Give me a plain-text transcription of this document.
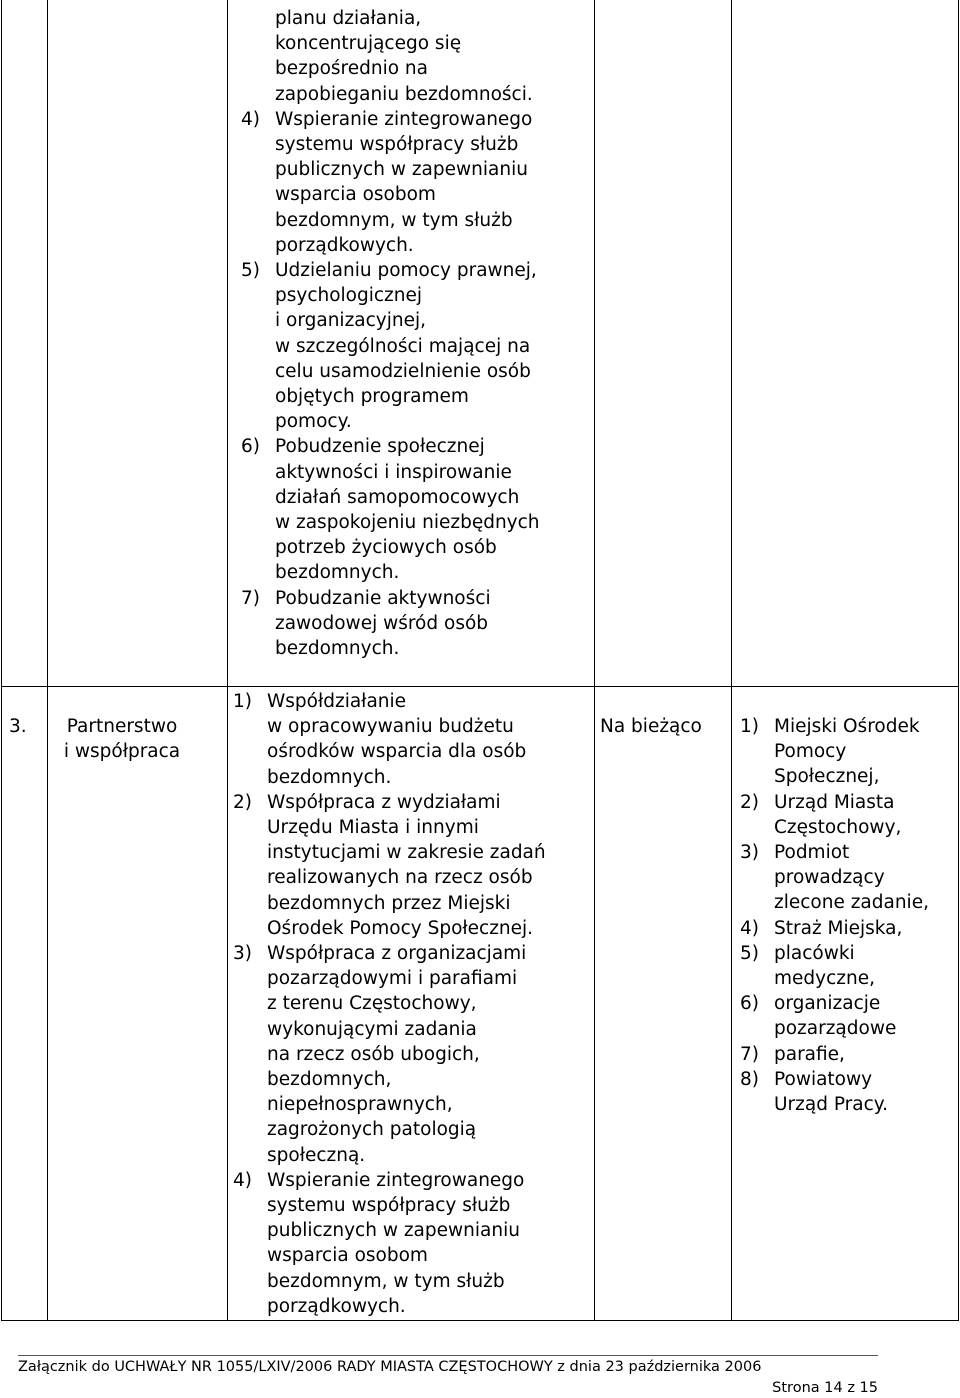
planu działania,
koncentrującego się
bezpośrednio na
zapobieganiu bezdomności.
4) Wspieranie zintegrowanego
systemu współpracy służb
publicznych w zapewnianiu
wsparcia osobom
bezdomnym, w tym służb
porządkowych.
5) Udzielaniu pomocy prawnej,
psychologicznej
i organizacyjnej,
w szczególności mającej na
celu usamodzielnienie osób
objętych programem
pomocy.
6) Pobudzenie społecznej
aktywności i inspirowanie
działań samopomocowych
w zaspokojeniu niezbędnych
potrzeb życiowych osób
bezdomnych.
7) Pobudzanie aktywności
zawodowej wśród osób
bezdomnych.
3.	Partnerstwo
i współpraca
1) Współdziałanie
w opracowywaniu budżetu
ośrodków wsparcia dla osób
bezdomnych.
2) Współpraca z wydziałami
Urzędu Miasta i innymi
instytucjami w zakresie zadań
realizowanych na rzecz osób
bezdomnych przez Miejski
Ośrodek Pomocy Społecznej.
3) Współpraca z organizacjami
pozarządowymi i parafiami
z terenu Częstochowy,
wykonującymi zadania
na rzecz osób ubogich,
bezdomnych,
niepełnosprawnych,
zagrożonych patologią
społeczną.
4) Wspieranie zintegrowanego
systemu współpracy służb
publicznych w zapewnianiu
wsparcia osobom
bezdomnym, w tym służb
porządkowych.
Na bieżąco	1) Miejski Ośrodek
Pomocy
Społecznej,
2) Urząd Miasta
Częstochowy,
3) Podmiot
prowadzący
zlecone zadanie,
4) Straż Miejska,
5) placówki
medyczne,
6) organizacje
pozarządowe
7) parafie,
8) Powiatowy
Urząd Pracy.
Załącznik do UCHWAŁY NR 1055/LXIV/2006 RADY MIASTA CZĘSTOCHOWY z dnia 23 października 2006
Strona 14 z 15
